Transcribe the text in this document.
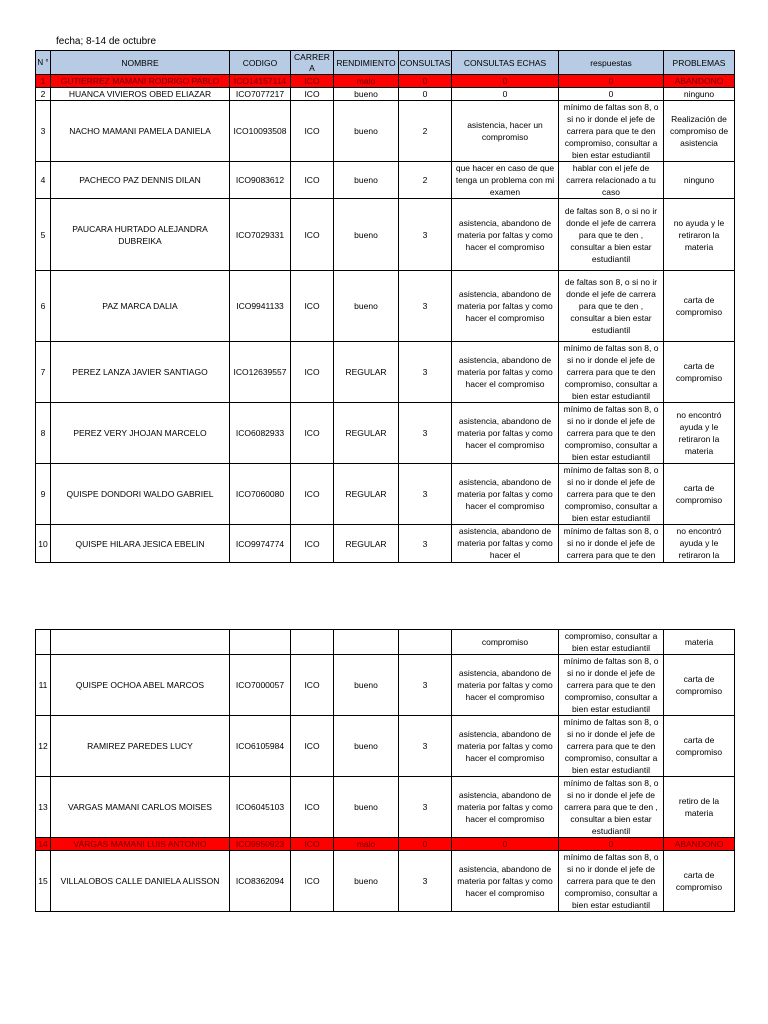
fecha; 8-14 de octubre
N °	NOMBRE	CODIGO	CARRER A	RENDIMIENTO	CONSULTAS	CONSULTAS ECHAS	respuestas	PROBLEMAS
1	GUTIERREZ MAMANI RODRIGO PABLO	ICO14157114	ICO	malo	0	0	0	ABANDONO
2	HUANCA VIVIEROS OBED ELIAZAR	ICO7077217	ICO	bueno	0	0	0	ninguno
3	NACHO MAMANI PAMELA DANIELA	ICO10093508	ICO	bueno	2	asistencia, hacer un compromiso	mínimo de faltas son 8, o si no ir donde el jefe de carrera para que te den compromiso, consultar a bien estar estudiantil	Realización de compromiso de asistencia
4	PACHECO PAZ DENNIS DILAN	ICO9083612	ICO	bueno	2	que hacer en caso de que tenga un problema con mi examen	hablar con el jefe de carrera relacionado a tu caso	ninguno
5	PAUCARA HURTADO ALEJANDRA DUBREIKA	ICO7029331	ICO	bueno	3	asistencia, abandono de materia por faltas y como hacer el compromiso	de faltas son 8, o si no ir donde el jefe de carrera para que te den , consultar a bien estar estudiantil	no ayuda y le retiraron la materia
6	PAZ MARCA DALIA	ICO9941133	ICO	bueno	3	asistencia, abandono de materia por faltas y como hacer el compromiso	de faltas son 8, o si no ir donde el jefe de carrera para que te den , consultar a bien estar estudiantil	carta de compromiso
7	PEREZ LANZA JAVIER SANTIAGO	ICO12639557	ICO	REGULAR	3	asistencia, abandono de materia por faltas y como hacer el compromiso	mínimo de faltas son 8, o si no ir donde el jefe de carrera para que te den compromiso, consultar a bien estar estudiantil	carta de compromiso
8	PEREZ VERY JHOJAN MARCELO	ICO6082933	ICO	REGULAR	3	asistencia, abandono de materia por faltas y como hacer el compromiso	mínimo de faltas son 8, o si no ir donde el jefe de carrera para que te den compromiso, consultar a bien estar estudiantil	no encontró ayuda y le retiraron la materia
9	QUISPE DONDORI WALDO GABRIEL	ICO7060080	ICO	REGULAR	3	asistencia, abandono de materia por faltas y como hacer el compromiso	mínimo de faltas son 8, o si no ir donde el jefe de carrera para que te den compromiso, consultar a bien estar estudiantil	carta de compromiso
10	QUISPE HILARA JESICA EBELIN	ICO9974774	ICO	REGULAR	3	asistencia, abandono de materia por faltas y como hacer el	mínimo de faltas son 8, o si no ir donde el jefe de carrera para que te den	no encontró ayuda y le retiraron la
						compromiso	compromiso, consultar a bien estar estudiantil	materia
11	QUISPE OCHOA ABEL MARCOS	ICO7000057	ICO	bueno	3	asistencia, abandono de materia por faltas y como hacer el compromiso	mínimo de faltas son 8, o si no ir donde el jefe de carrera para que te den compromiso, consultar a bien estar estudiantil	carta de compromiso
12	RAMIREZ PAREDES LUCY	ICO6105984	ICO	bueno	3	asistencia, abandono de materia por faltas y como hacer el compromiso	mínimo de faltas son 8, o si no ir donde el jefe de carrera para que te den compromiso, consultar a bien estar estudiantil	carta de compromiso
13	VARGAS MAMANI CARLOS MOISES	ICO6045103	ICO	bueno	3	asistencia, abandono de materia por faltas y como hacer el compromiso	mínimo de faltas son 8, o si no ir donde el jefe de carrera para que te den , consultar a bien estar estudiantil	retiro de la materia
14	VARGAS MAMANI LUIS ANTONIO	ICO9950923	ICO	malo	0	0	0	ABANDONO
15	VILLALOBOS CALLE DANIELA ALISSON	ICO8362094	ICO	bueno	3	asistencia, abandono de materia por faltas y como hacer el compromiso	mínimo de faltas son 8, o si no ir donde el jefe de carrera para que te den compromiso, consultar a bien estar estudiantil	carta de compromiso
